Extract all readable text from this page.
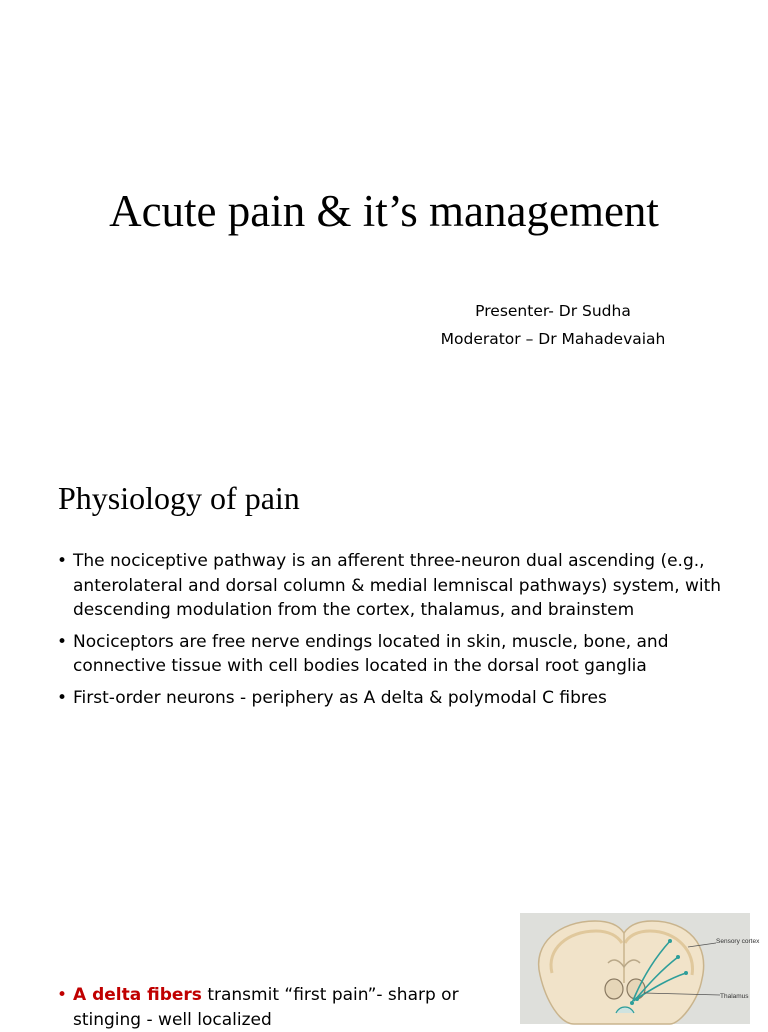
Acute pain & it’s management
Presenter- Dr Sudha
Moderator – Dr Mahadevaiah
Physiology of pain
• The nociceptive pathway is an afferent three-neuron dual ascending (e.g., anterolateral and dorsal column & medial lemniscal pathways) system, with descending modulation from the cortex, thalamus, and brainstem
• Nociceptors are free nerve endings located in skin, muscle, bone, and connective tissue with cell bodies located in the dorsal root ganglia
• First-order neurons - periphery as A delta & polymodal C fibres
• A delta fibers transmit “first pain”- sharp or stinging - well localized
Sensory cortex
Thalamus
